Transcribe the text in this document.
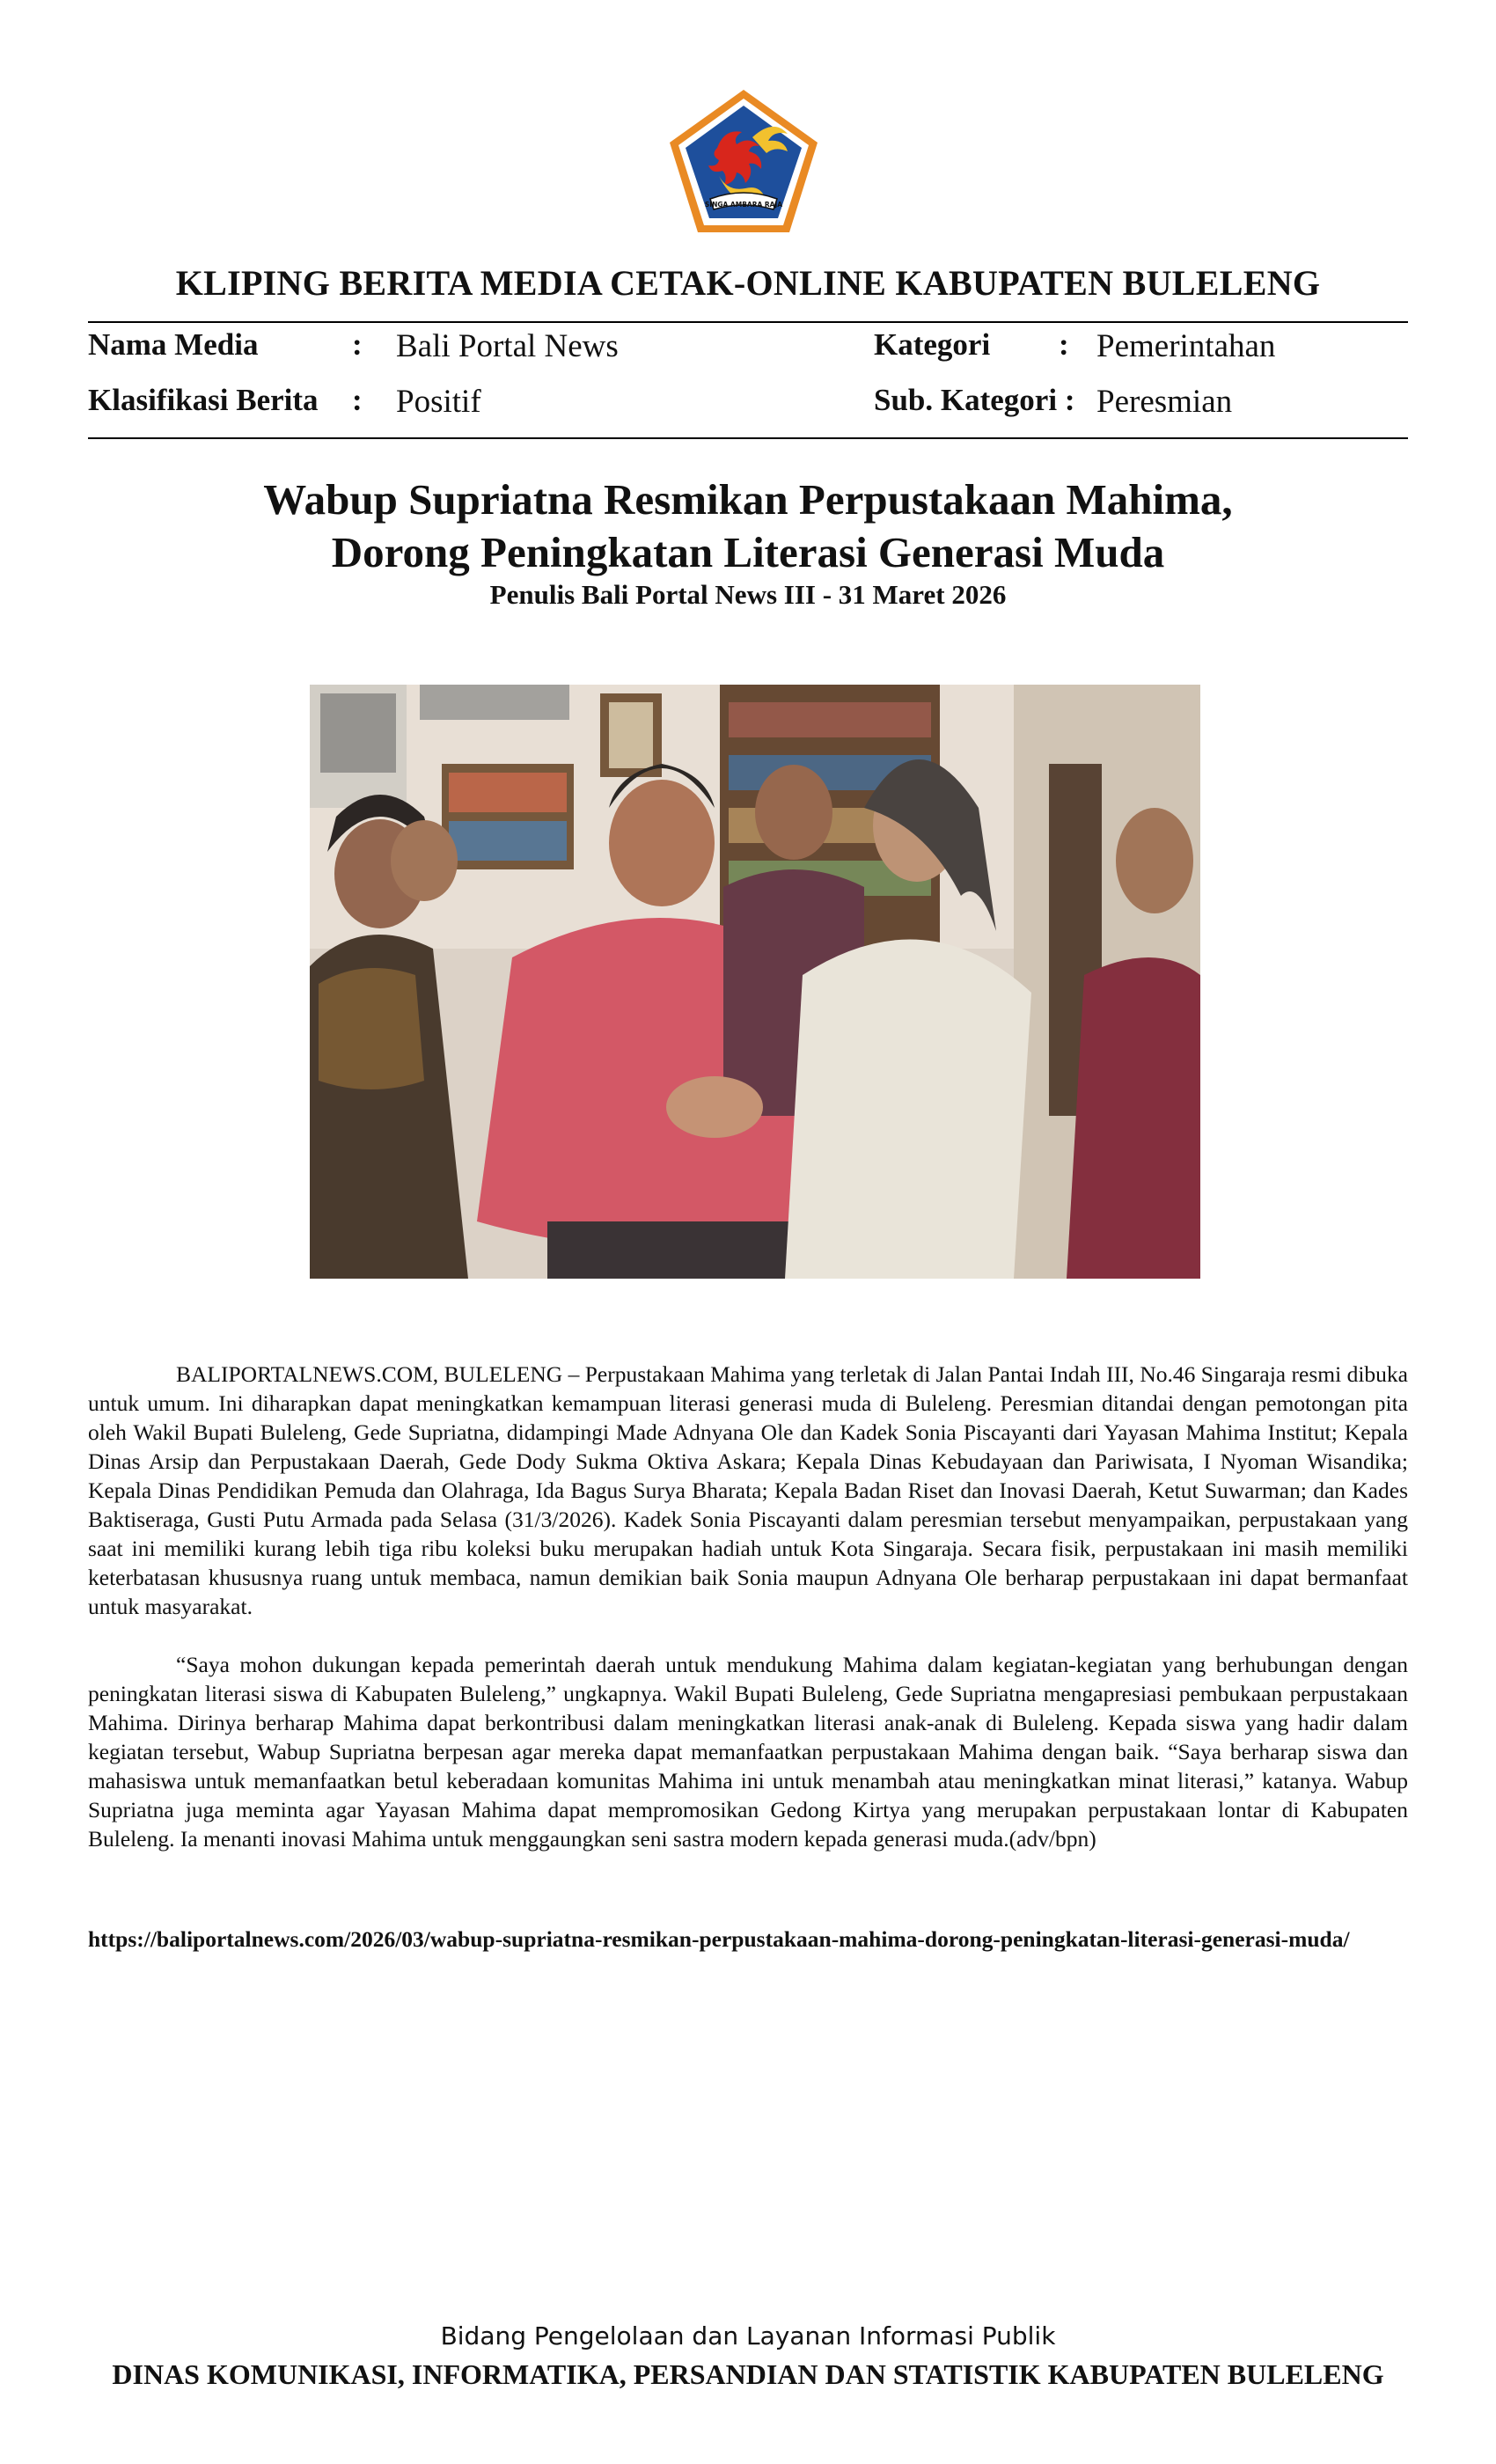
SINGA AMBARA RAJA
KLIPING BERITA MEDIA CETAK-ONLINE KABUPATEN BULELENG
Nama Media	: Bali Portal News	Kategori : Pemerintahan
Klasifikasi Berita : Positif	Sub. Kategori : Peresmian
Wabup Supriatna Resmikan Perpustakaan Mahima,
Dorong Peningkatan Literasi Generasi Muda
Penulis Bali Portal News III - 31 Maret 2026

BALIPORTALNEWS.COM, BULELENG – Perpustakaan Mahima yang terletak di Jalan Pantai Indah III, No.46 Singaraja resmi dibuka untuk umum. Ini diharapkan dapat meningkatkan kemampuan literasi generasi muda di Buleleng. Peresmian ditandai dengan pemotongan pita oleh Wakil Bupati Buleleng, Gede Supriatna, didampingi Made Adnyana Ole dan Kadek Sonia Piscayanti dari Yayasan Mahima Institut; Kepala Dinas Arsip dan Perpustakaan Daerah, Gede Dody Sukma Oktiva Askara; Kepala Dinas Kebudayaan dan Pariwisata, I Nyoman Wisandika; Kepala Dinas Pendidikan Pemuda dan Olahraga, Ida Bagus Surya Bharata; Kepala Badan Riset dan Inovasi Daerah, Ketut Suwarman; dan Kades Baktiseraga, Gusti Putu Armada pada Selasa (31/3/2026). Kadek Sonia Piscayanti dalam peresmian tersebut menyampaikan, perpustakaan yang saat ini memiliki kurang lebih tiga ribu koleksi buku merupakan hadiah untuk Kota Singaraja. Secara fisik, perpustakaan ini masih memiliki keterbatasan khususnya ruang untuk membaca, namun demikian baik Sonia maupun Adnyana Ole berharap perpustakaan ini dapat bermanfaat untuk masyarakat.

“Saya mohon dukungan kepada pemerintah daerah untuk mendukung Mahima dalam kegiatan-kegiatan yang berhubungan dengan peningkatan literasi siswa di Kabupaten Buleleng,” ungkapnya. Wakil Bupati Buleleng, Gede Supriatna mengapresiasi pembukaan perpustakaan Mahima. Dirinya berharap Mahima dapat berkontribusi dalam meningkatkan literasi anak-anak di Buleleng. Kepada siswa yang hadir dalam kegiatan tersebut, Wabup Supriatna berpesan agar mereka dapat memanfaatkan perpustakaan Mahima dengan baik. “Saya berharap siswa dan mahasiswa untuk memanfaatkan betul keberadaan komunitas Mahima ini untuk menambah atau meningkatkan minat literasi,” katanya. Wabup Supriatna juga meminta agar Yayasan Mahima dapat mempromosikan Gedong Kirtya yang merupakan perpustakaan lontar di Kabupaten Buleleng. Ia menanti inovasi Mahima untuk menggaungkan seni sastra modern kepada generasi muda.(adv/bpn)

https://baliportalnews.com/2026/03/wabup-supriatna-resmikan-perpustakaan-mahima-dorong-peningkatan-literasi-generasi-muda/
Bidang Pengelolaan dan Layanan Informasi Publik
DINAS KOMUNIKASI, INFORMATIKA, PERSANDIAN DAN STATISTIK KABUPATEN BULELENG
